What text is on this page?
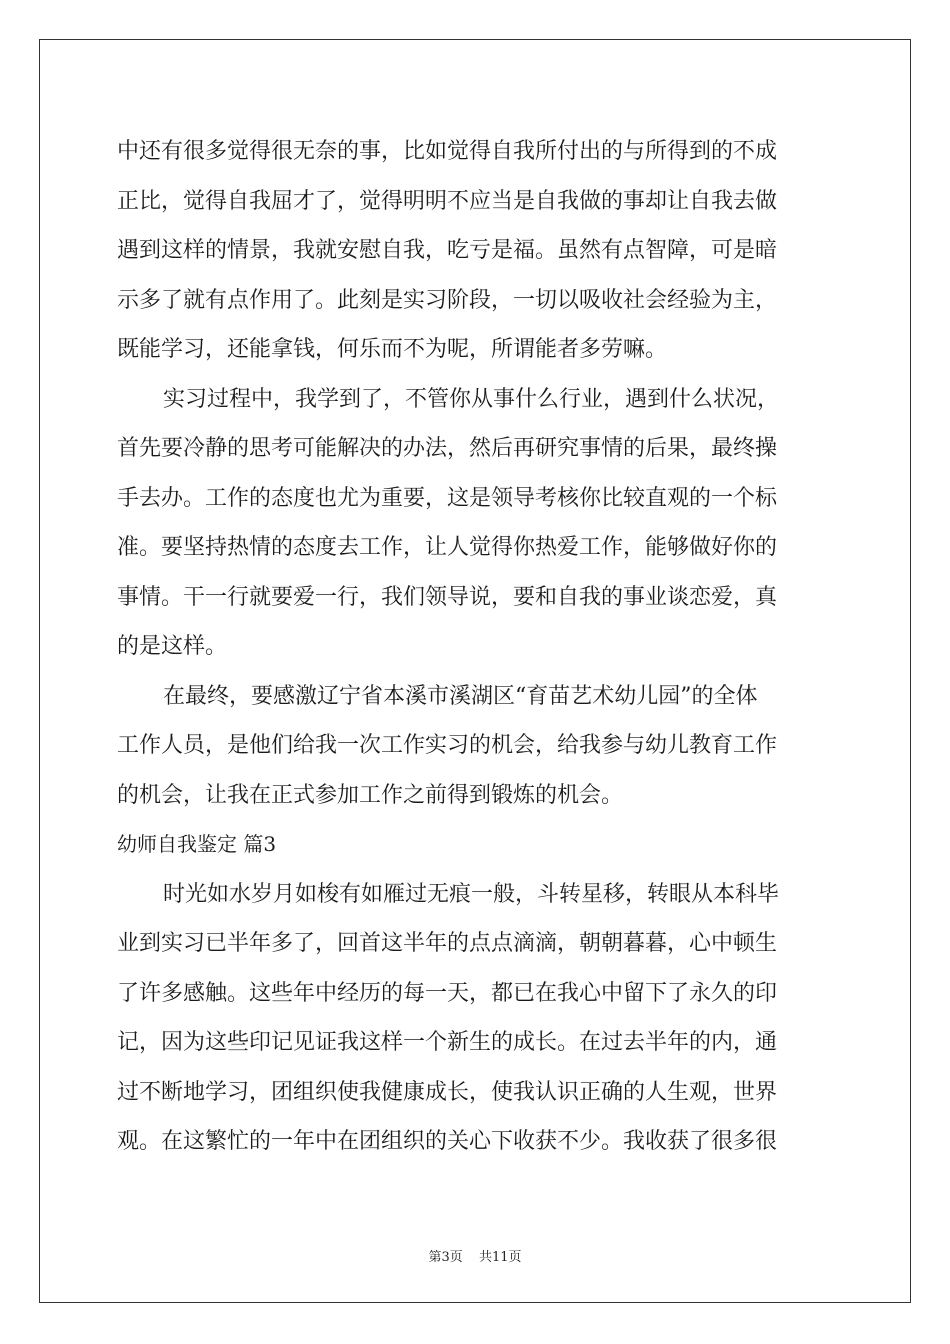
中还有很多觉得很无奈的事，比如觉得自我所付出的与所得到的不成
正比，觉得自我屈才了，觉得明明不应当是自我做的事却让自我去做
遇到这样的情景，我就安慰自我，吃亏是福。虽然有点智障，可是暗
示多了就有点作用了。此刻是实习阶段，一切以吸收社会经验为主，
既能学习，还能拿钱，何乐而不为呢，所谓能者多劳嘛。
实习过程中，我学到了，不管你从事什么行业，遇到什么状况，
首先要冷静的思考可能解决的办法，然后再研究事情的后果，最终操
手去办。工作的态度也尤为重要，这是领导考核你比较直观的一个标
准。要坚持热情的态度去工作，让人觉得你热爱工作，能够做好你的
事情。干一行就要爱一行，我们领导说，要和自我的事业谈恋爱，真
的是这样。
在最终，要感激辽宁省本溪市溪湖区“育苗艺术幼儿园”的全体
工作人员，是他们给我一次工作实习的机会，给我参与幼儿教育工作
的机会，让我在正式参加工作之前得到锻炼的机会。
幼师自我鉴定 篇3
时光如水岁月如梭有如雁过无痕一般，斗转星移，转眼从本科毕
业到实习已半年多了，回首这半年的点点滴滴，朝朝暮暮，心中顿生
了许多感触。这些年中经历的每一天，都已在我心中留下了永久的印
记，因为这些印记见证我这样一个新生的成长。在过去半年的内，通
过不断地学习，团组织使我健康成长，使我认识正确的人生观，世界
观。在这繁忙的一年中在团组织的关心下收获不少。我收获了很多很
第3页 共11页
